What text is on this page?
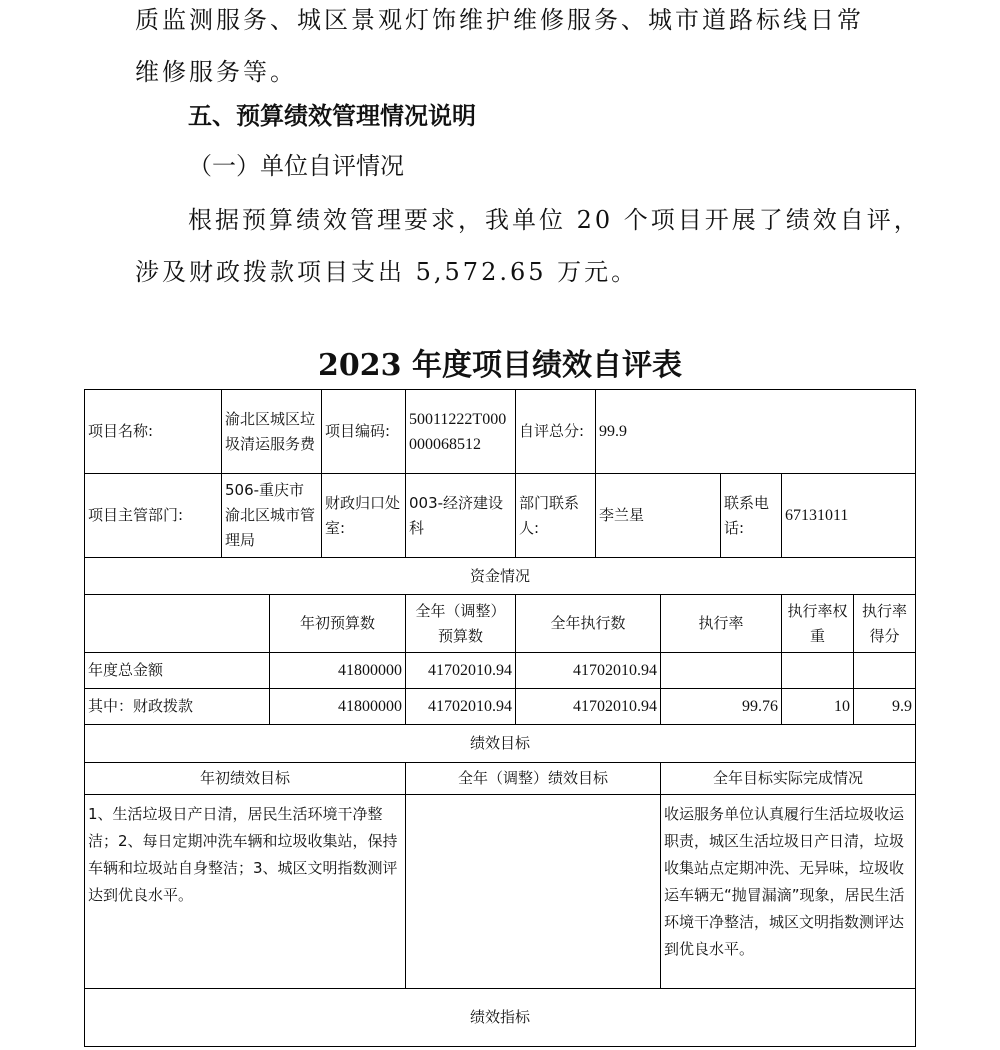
质监测服务、城区景观灯饰维护维修服务、城市道路标线日常
维修服务等。
五、预算绩效管理情况说明
（一）单位自评情况
根据预算绩效管理要求，我单位 20 个项目开展了绩效自评，
涉及财政拨款项目支出 5,572.65 万元。
2023 年度项目绩效自评表
项目名称:	渝北区城区垃圾清运服务费		项目编码:	50011222T000000068512	自评总分:	99.9				
项目主管部门:	506-重庆市渝北区城市管理局		财政归口处室:	003-经济建设科	部门联系人:	李兰星		联系电话:	67131011	
资金情况										
		年初预算数		全年（调整）预算数	全年执行数		执行率		执行率权重	执行率得分
年度总金额		41800000		41702010.94	41702010.94					
其中：财政拨款		41800000		41702010.94	41702010.94		99.76		10	9.9
绩效目标										
年初绩效目标				全年（调整）绩效目标			全年目标实际完成情况			
1、生活垃圾日产日清，居民生活环境干净整洁；2、每日定期冲洗车辆和垃圾收集站，保持车辆和垃圾站自身整洁；3、城区文明指数测评达到优良水平。							收运服务单位认真履行生活垃圾收运职责，城区生活垃圾日产日清，垃圾收集站点定期冲洗、无异味，垃圾收运车辆无“抛冒漏滴”现象，居民生活环境干净整洁，城区文明指数测评达到优良水平。			
绩效指标										
